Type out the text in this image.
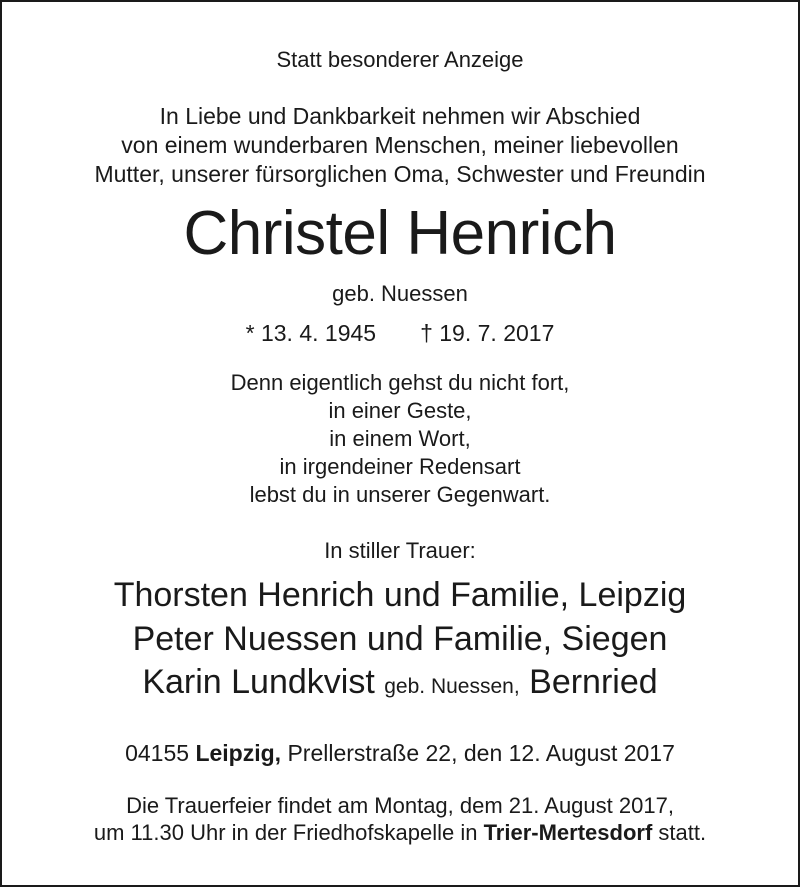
Statt besonderer Anzeige
In Liebe und Dankbarkeit nehmen wir Abschied
von einem wunderbaren Menschen, meiner liebevollen
Mutter, unserer fürsorglichen Oma, Schwester und Freundin
Christel Henrich
geb. Nuessen
* 13. 4. 1945 † 19. 7. 2017
Denn eigentlich gehst du nicht fort,
in einer Geste,
in einem Wort,
in irgendeiner Redensart
lebst du in unserer Gegenwart.
In stiller Trauer:
Thorsten Henrich und Familie, Leipzig
Peter Nuessen und Familie, Siegen
Karin Lundkvist geb. Nuessen, Bernried
04155 Leipzig, Prellerstraße 22, den 12. August 2017
Die Trauerfeier findet am Montag, dem 21. August 2017,
um 11.30 Uhr in der Friedhofskapelle in Trier-Mertesdorf statt.
